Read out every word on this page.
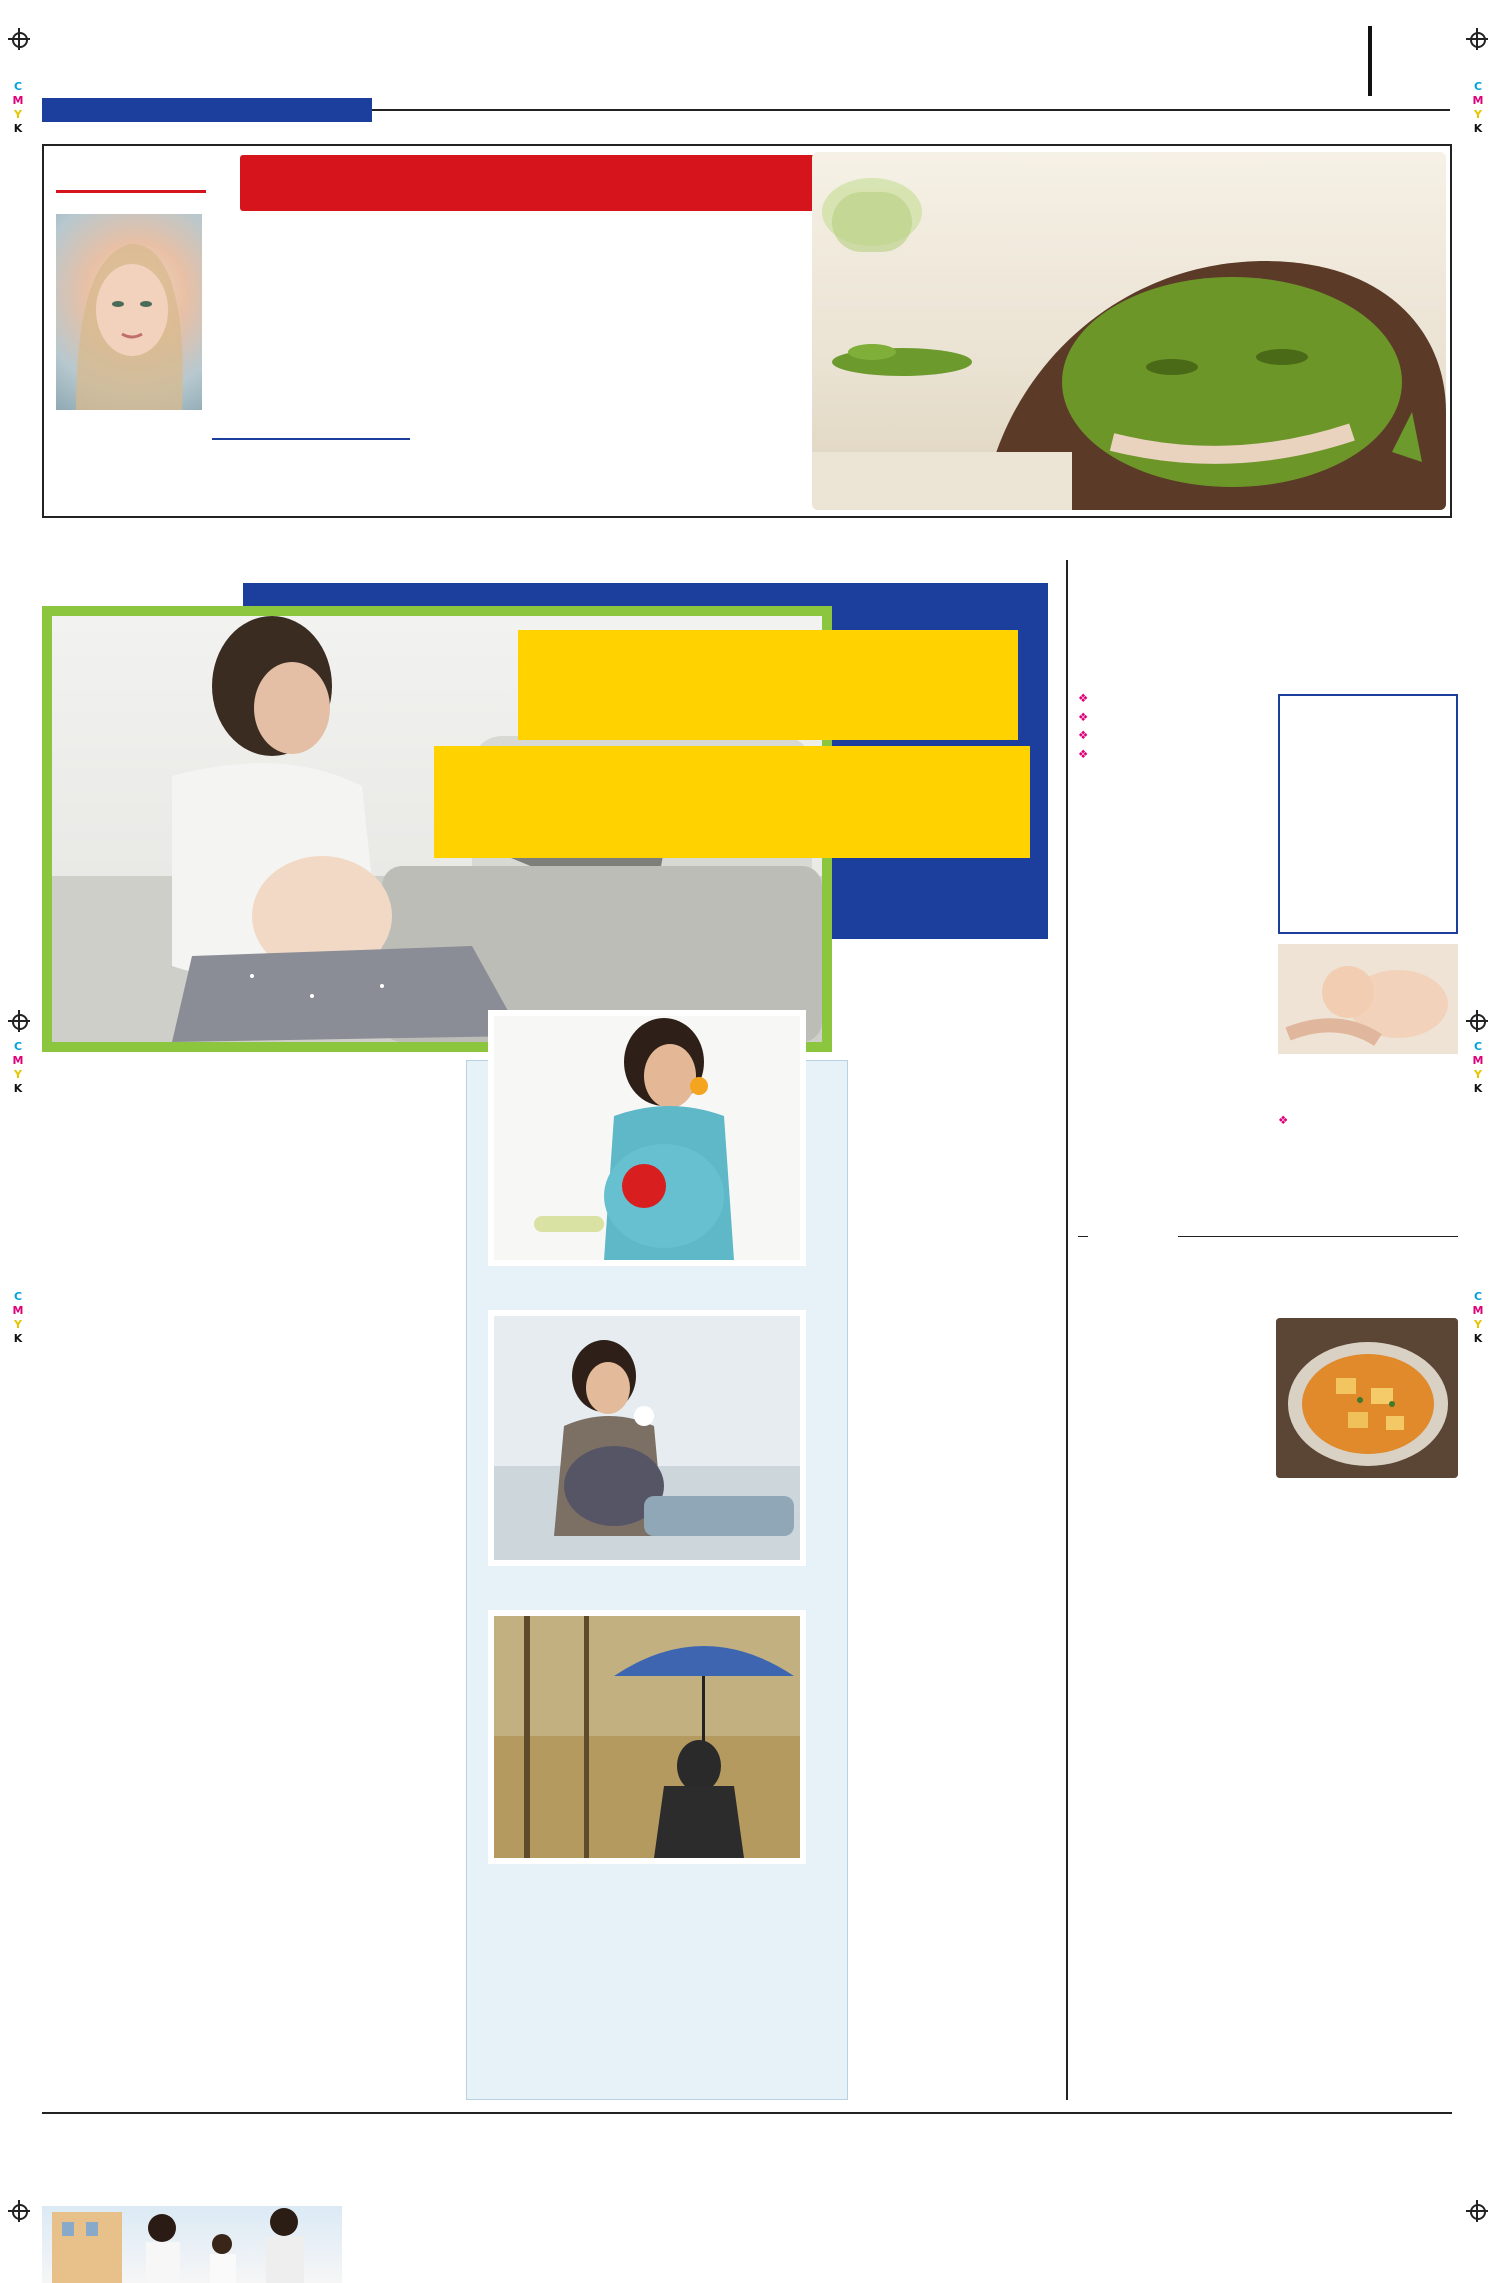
C
M
Y
K
C
M
Y
K
C
M
Y
K
C
M
Y
K
C
M
Y
K
C
M
Y
K

❖

❖

❖

❖

❖
